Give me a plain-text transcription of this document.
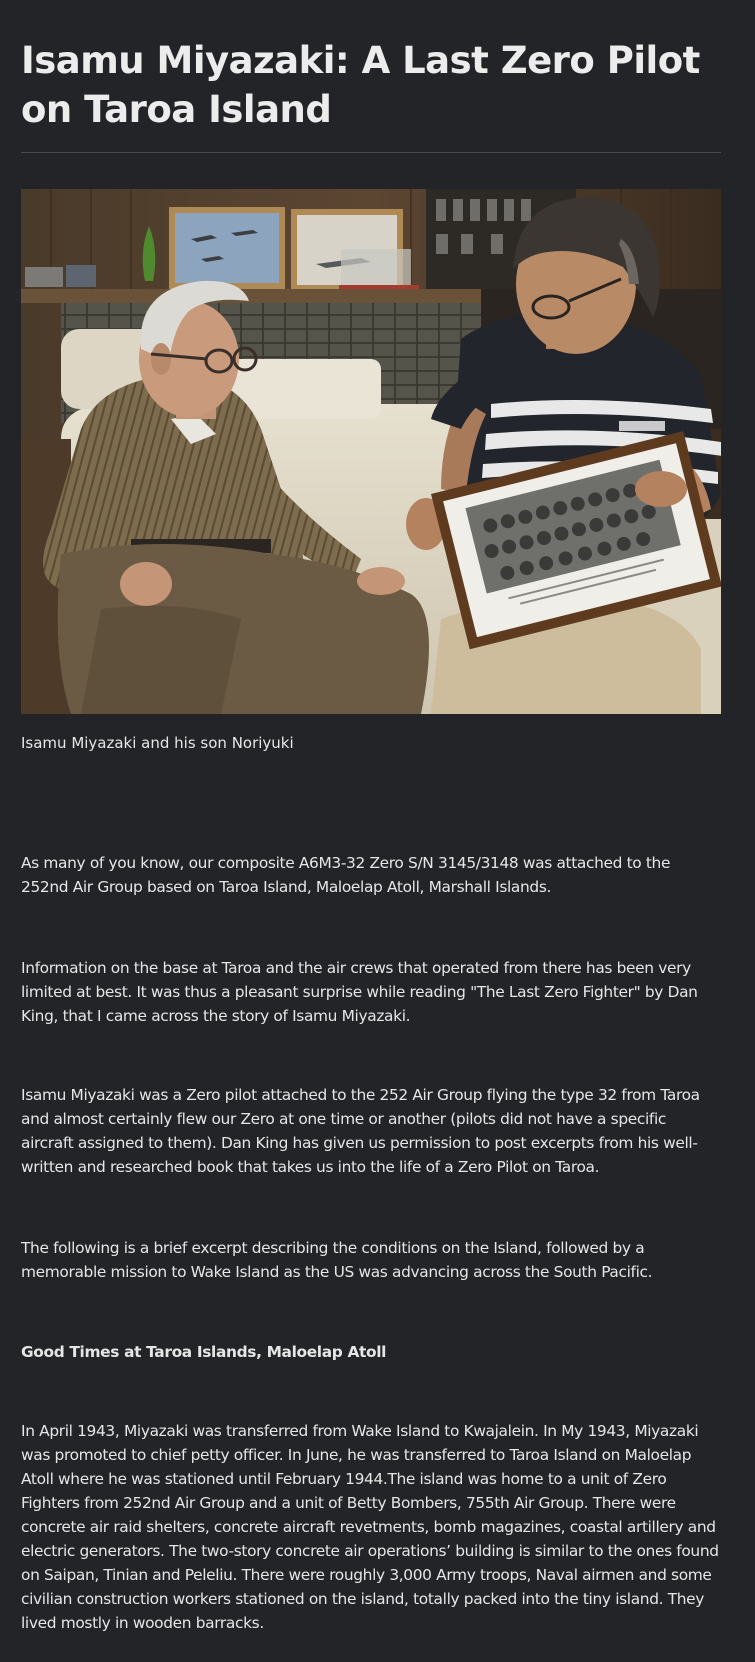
Isamu Miyazaki: A Last Zero Pilot on Taroa Island
Isamu Miyazaki and his son Noriyuki

As many of you know, our composite A6M3-32 Zero S/N 3145/3148 was attached to the 252nd Air Group based on Taroa Island, Maloelap Atoll, Marshall Islands.

Information on the base at Taroa and the air crews that operated from there has been very limited at best. It was thus a pleasant surprise while reading "The Last Zero Fighter" by Dan King, that I came across the story of Isamu Miyazaki.

Isamu Miyazaki was a Zero pilot attached to the 252 Air Group flying the type 32 from Taroa and almost certainly flew our Zero at one time or another (pilots did not have a specific aircraft assigned to them). Dan King has given us permission to post excerpts from his well-written and researched book that takes us into the life of a Zero Pilot on Taroa.

The following is a brief excerpt describing the conditions on the Island, followed by a memorable mission to Wake Island as the US was advancing across the South Pacific.

Good Times at Taroa Islands, Maloelap Atoll

In April 1943, Miyazaki was transferred from Wake Island to Kwajalein. In My 1943, Miyazaki was promoted to chief petty officer. In June, he was transferred to Taroa Island on Maloelap Atoll where he was stationed until February 1944.The island was home to a unit of Zero Fighters from 252nd Air Group and a unit of Betty Bombers, 755th Air Group. There were concrete air raid shelters, concrete aircraft revetments, bomb magazines, coastal artillery and electric generators. The two-story concrete air operations’ building is similar to the ones found on Saipan, Tinian and Peleliu. There were roughly 3,000 Army troops, Naval airmen and some civilian construction workers stationed on the island, totally packed into the tiny island. They lived mostly in wooden barracks.
